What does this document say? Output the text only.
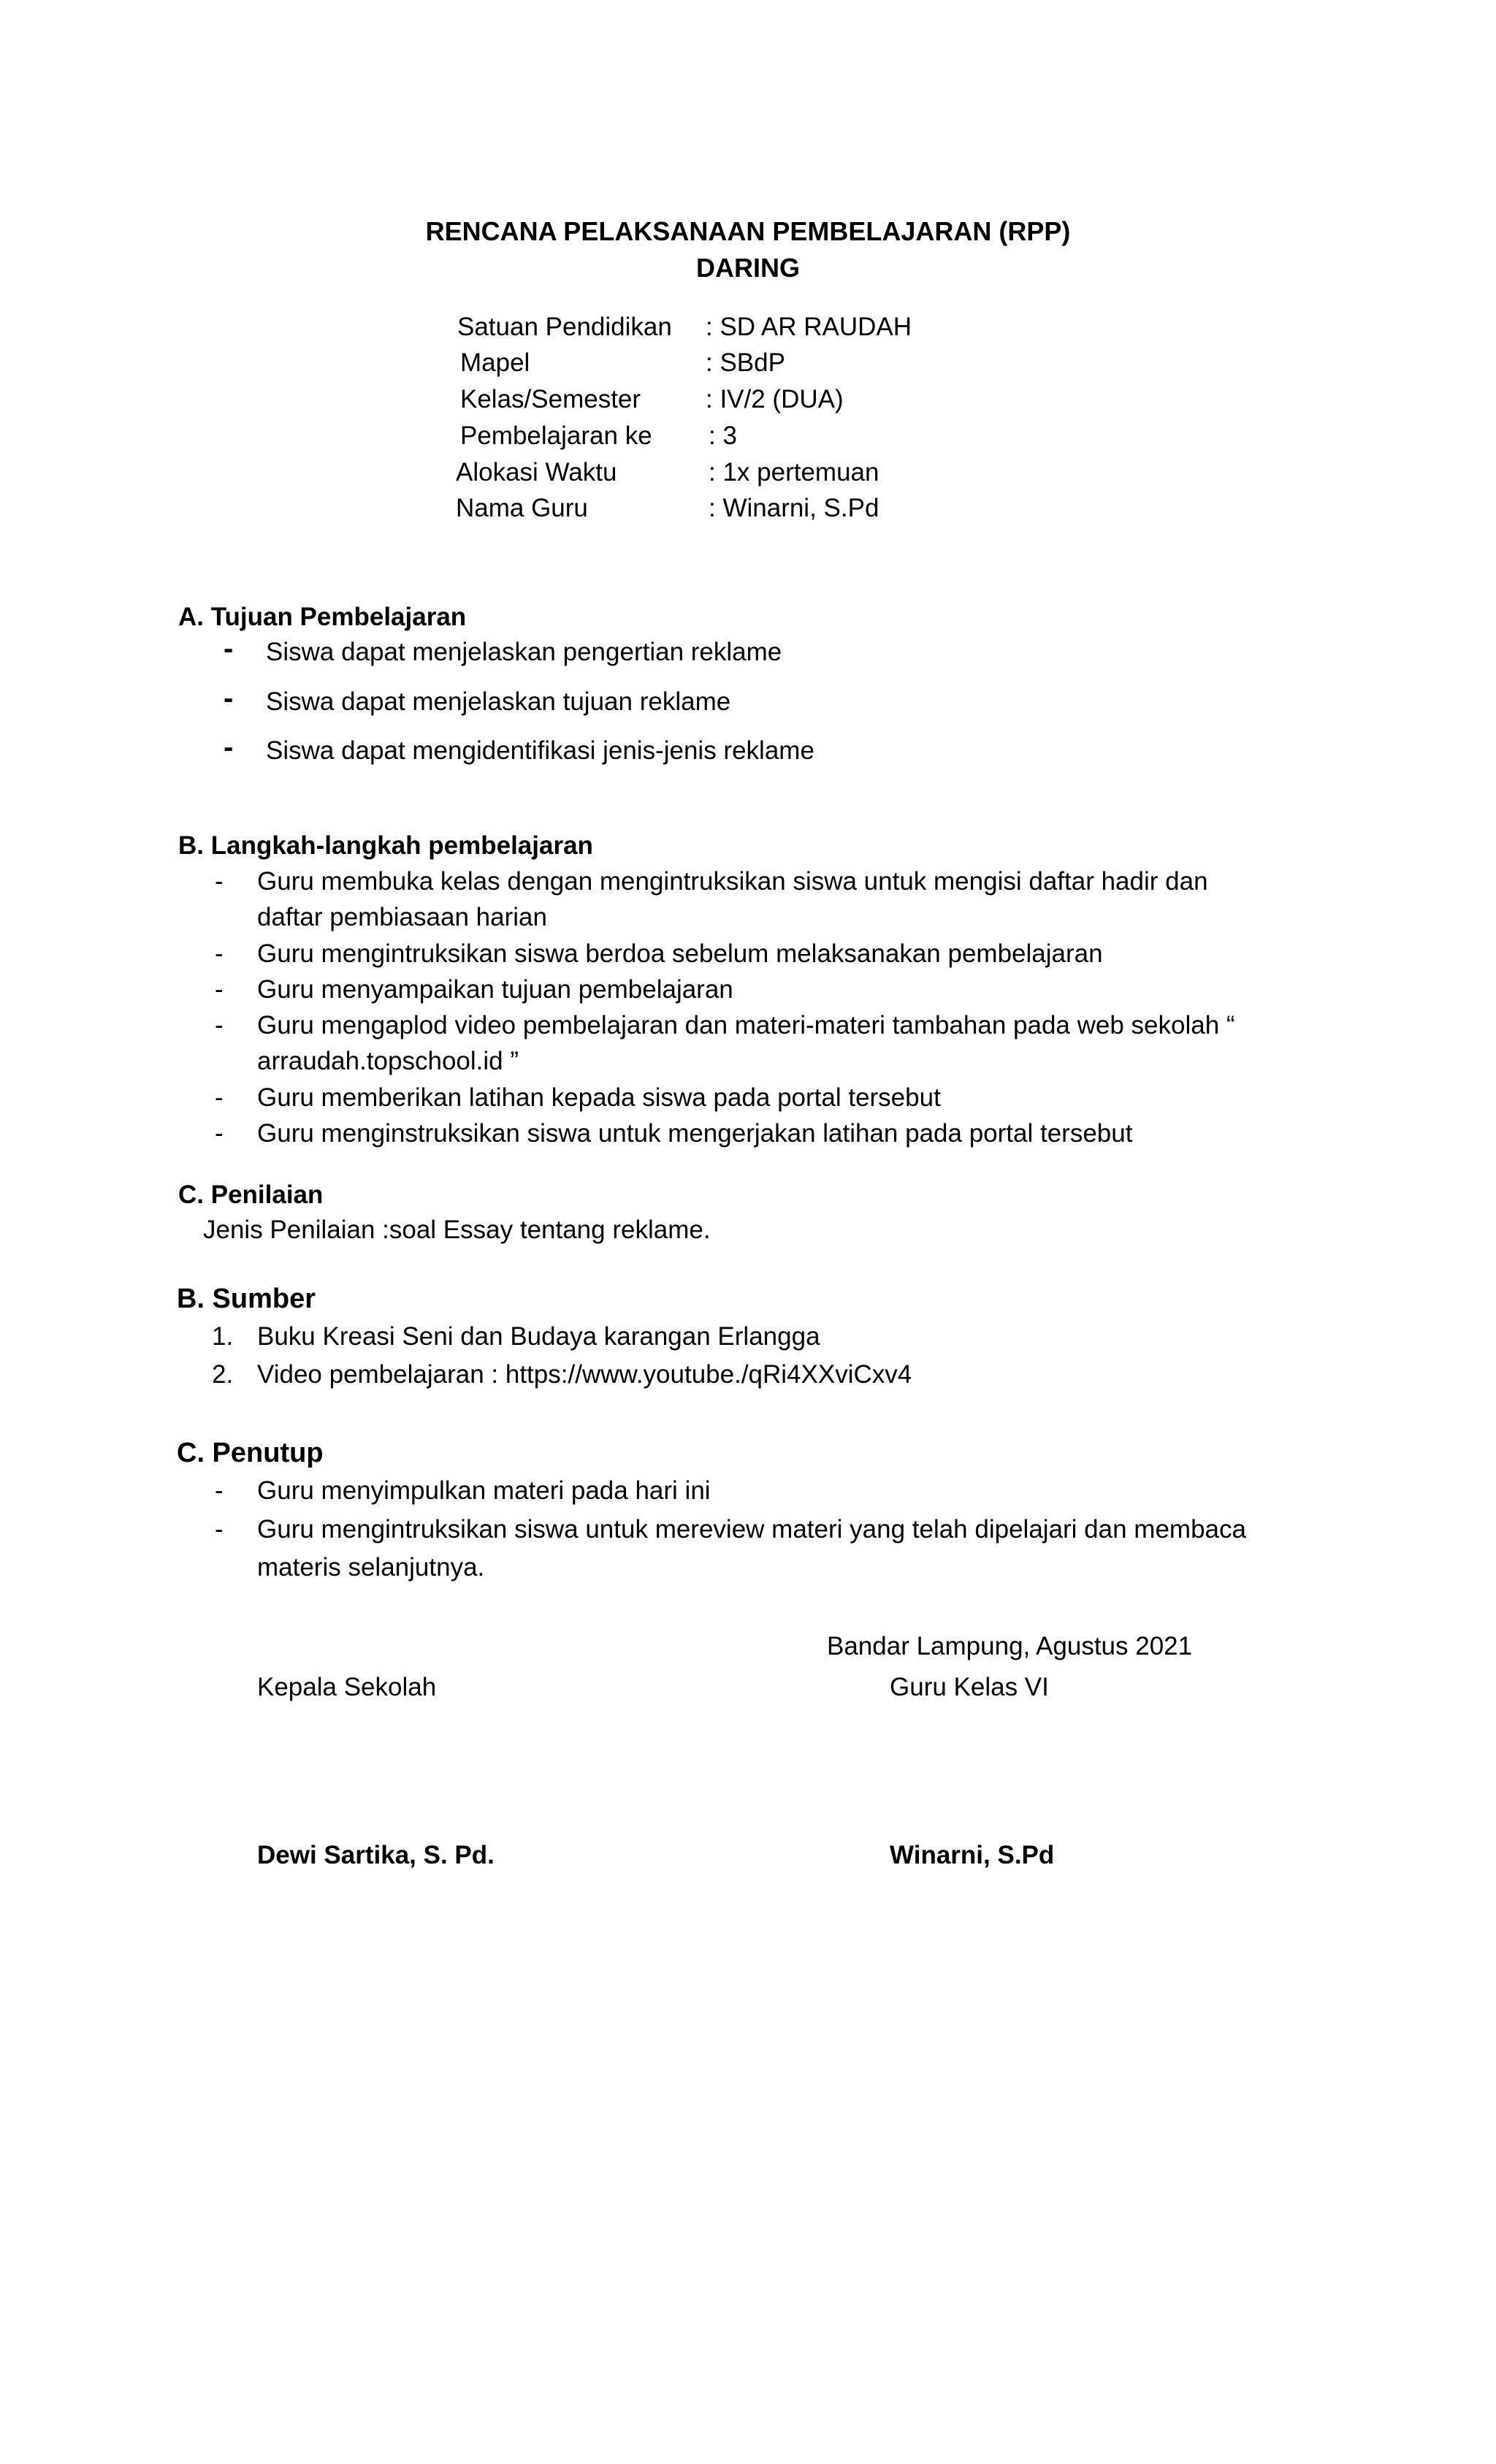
RENCANA PELAKSANAAN PEMBELAJARAN (RPP)
DARING
Satuan Pendidikan : SD AR RAUDAH
Mapel	: SBdP
Kelas/Semester	: IV/2 (DUA)
Pembelajaran ke : 3
Alokasi Waktu	: 1x pertemuan
Nama Guru	: Winarni, S.Pd
A. Tujuan Pembelajaran
- Siswa dapat menjelaskan pengertian reklame
- Siswa dapat menjelaskan tujuan reklame
- Siswa dapat mengidentifikasi jenis-jenis reklame
B. Langkah-langkah pembelajaran
- Guru membuka kelas dengan mengintruksikan siswa untuk mengisi daftar hadir dan
daftar pembiasaan harian
- Guru mengintruksikan siswa berdoa sebelum melaksanakan pembelajaran
- Guru menyampaikan tujuan pembelajaran
- Guru mengaplod video pembelajaran dan materi-materi tambahan pada web sekolah “
arraudah.topschool.id ”
- Guru memberikan latihan kepada siswa pada portal tersebut
- Guru menginstruksikan siswa untuk mengerjakan latihan pada portal tersebut
C. Penilaian
Jenis Penilaian :soal Essay tentang reklame.
B. Sumber
1. Buku Kreasi Seni dan Budaya karangan Erlangga
2. Video pembelajaran : https://www.youtube./qRi4XXviCxv4
C. Penutup
- Guru menyimpulkan materi pada hari ini
- Guru mengintruksikan siswa untuk mereview materi yang telah dipelajari dan membaca
materis selanjutnya.
Bandar Lampung, Agustus 2021
Kepala Sekolah	Guru Kelas VI
Dewi Sartika, S. Pd.	Winarni, S.Pd
